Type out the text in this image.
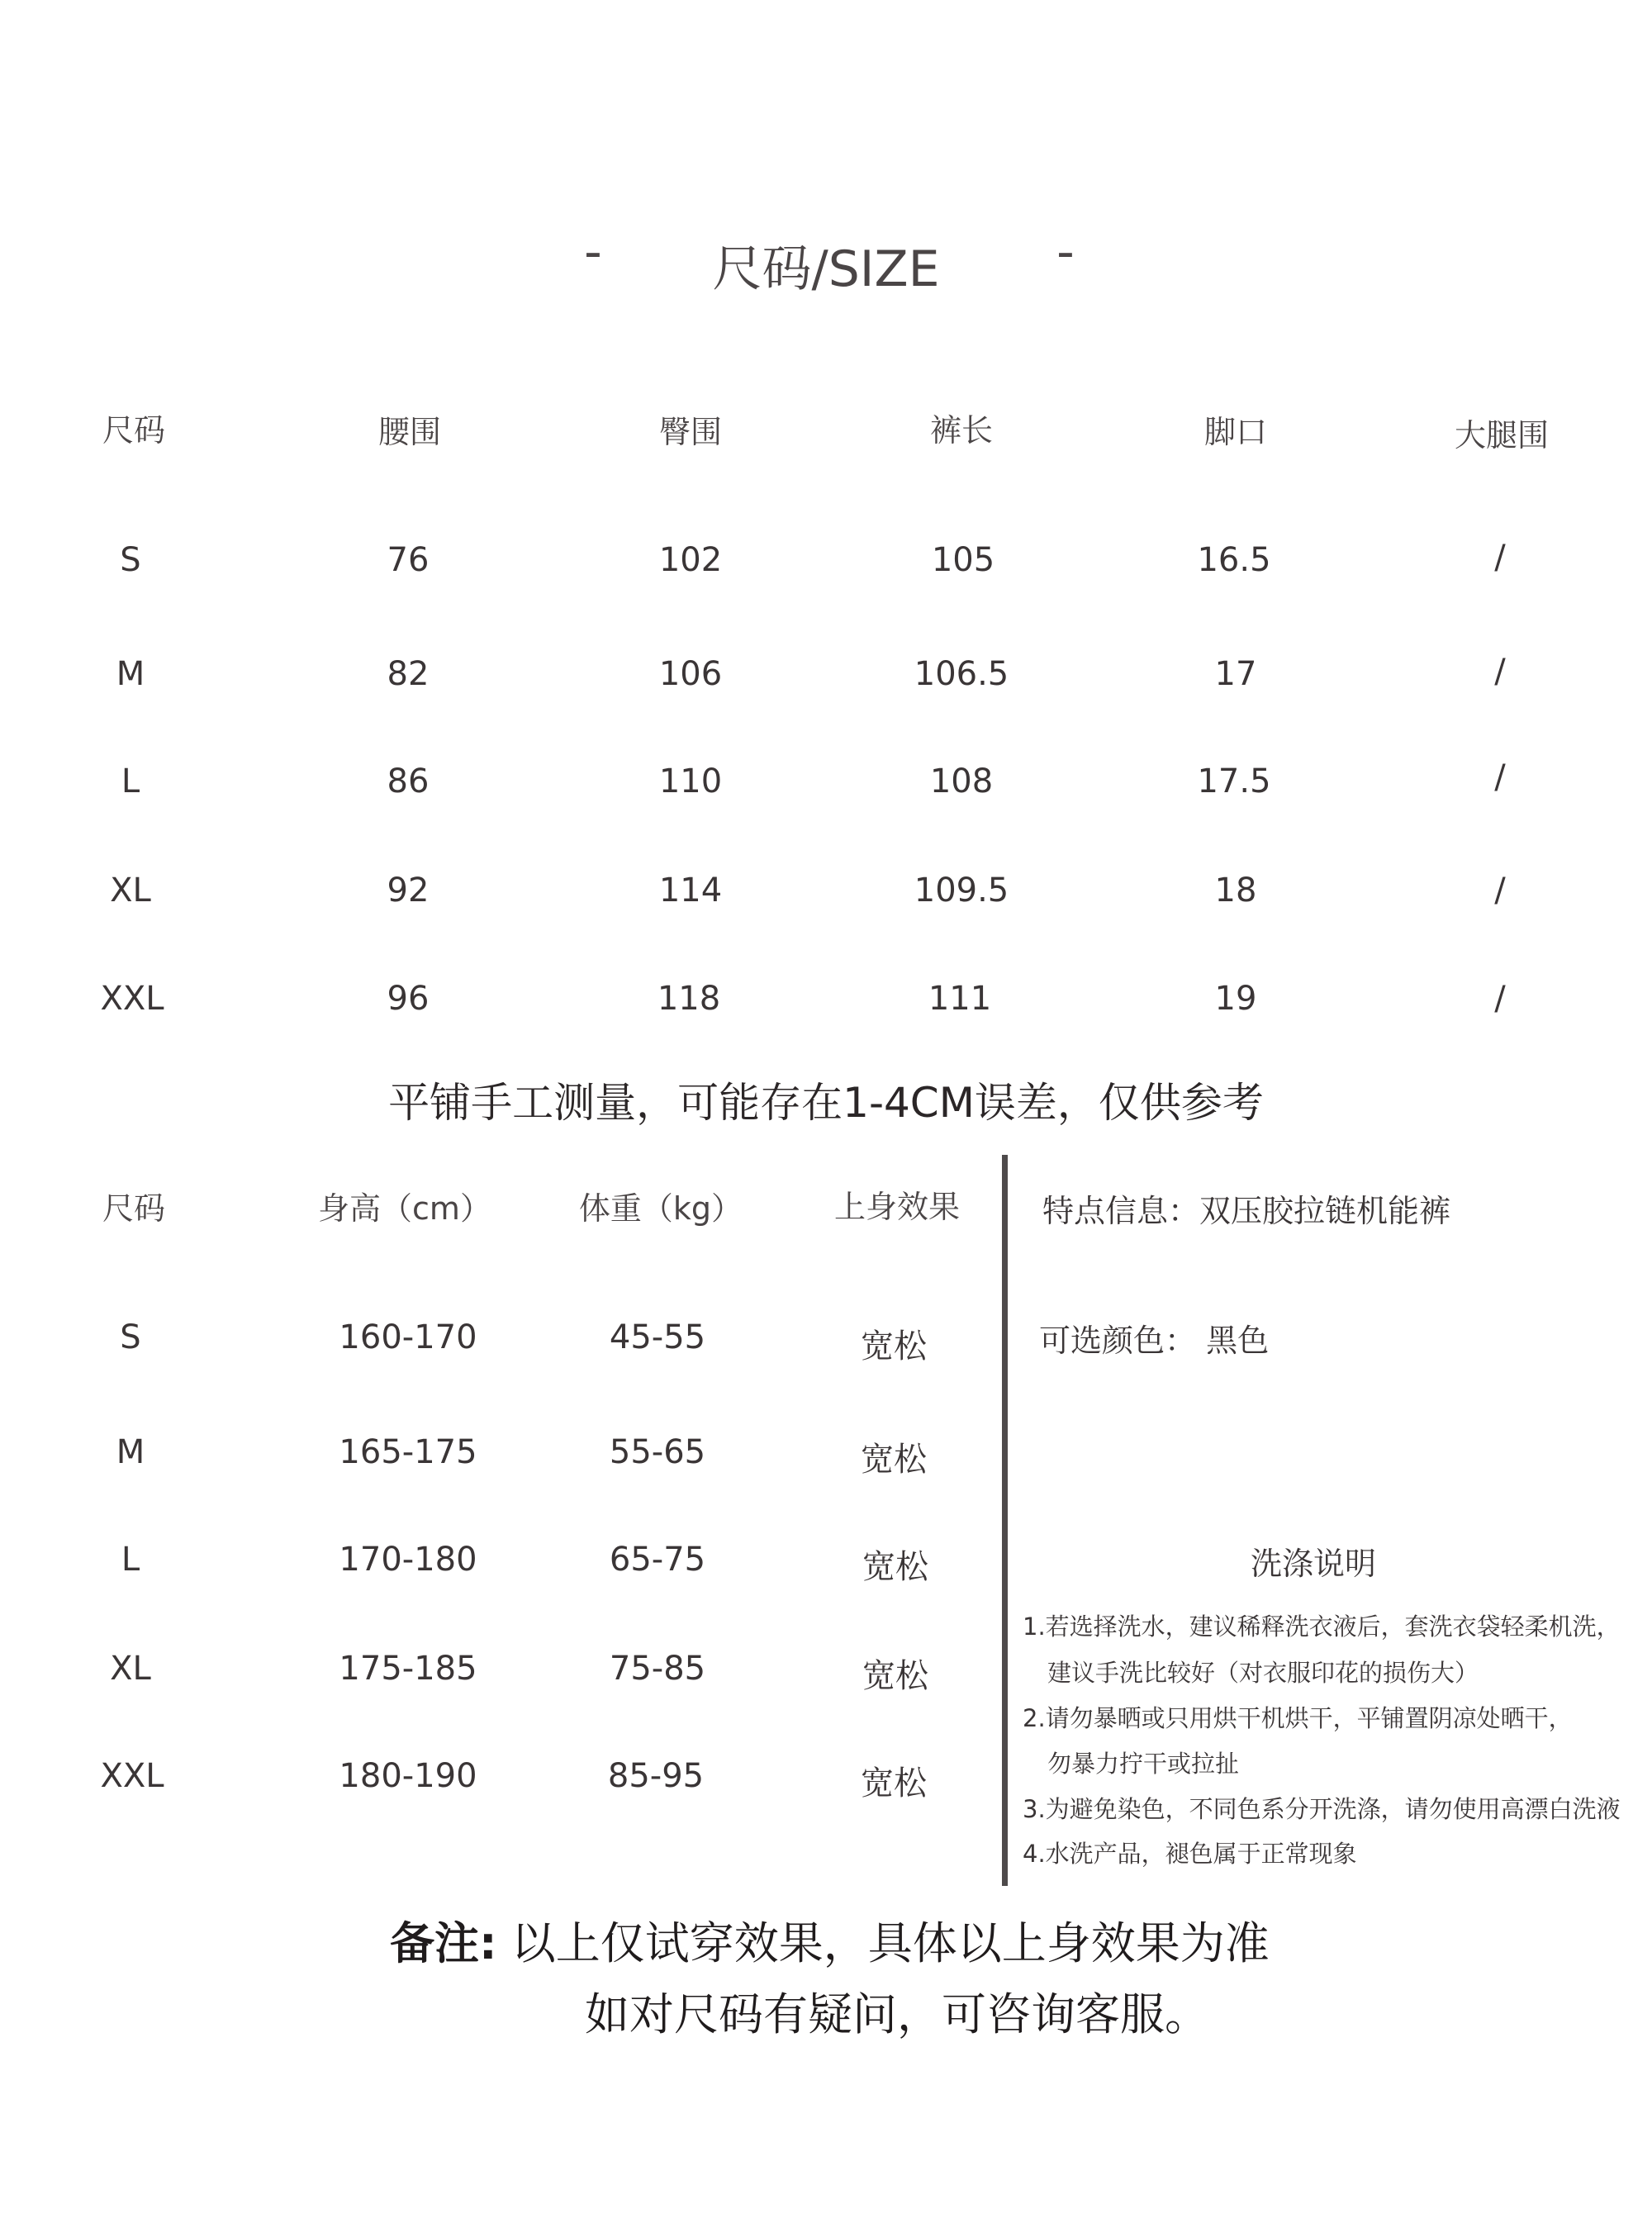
- 尺码/SIZE -
尺码	腰围	臀围	裤长	脚口	大腿围
S	76	102	105	16.5	/
M	82	106	106.5	17	/
L	86	110	108	17.5	/
XL	92	114	109.5	18	/
XXL	96	118	111	19	/
平铺手工测量，可能存在1-4CM误差，仅供参考
尺码	身高（cm）	体重（kg）	上身效果
S	160-170	45-55	宽松
M	165-175	55-65	宽松
L	170-180	65-75	宽松
XL	175-185	75-85	宽松
XXL	180-190	85-95	宽松
特点信息：双压胶拉链机能裤
可选颜色： 黑色
洗涤说明
1.若选择洗水，建议稀释洗衣液后，套洗衣袋轻柔机洗，
建议手洗比较好（对衣服印花的损伤大）
2.请勿暴晒或只用烘干机烘干，平铺置阴凉处晒干，
勿暴力拧干或拉扯
3.为避免染色，不同色系分开洗涤，请勿使用高漂白洗液
4.水洗产品，褪色属于正常现象
备注: 以上仅试穿效果，具体以上身效果为准
如对尺码有疑问，可咨询客服。
